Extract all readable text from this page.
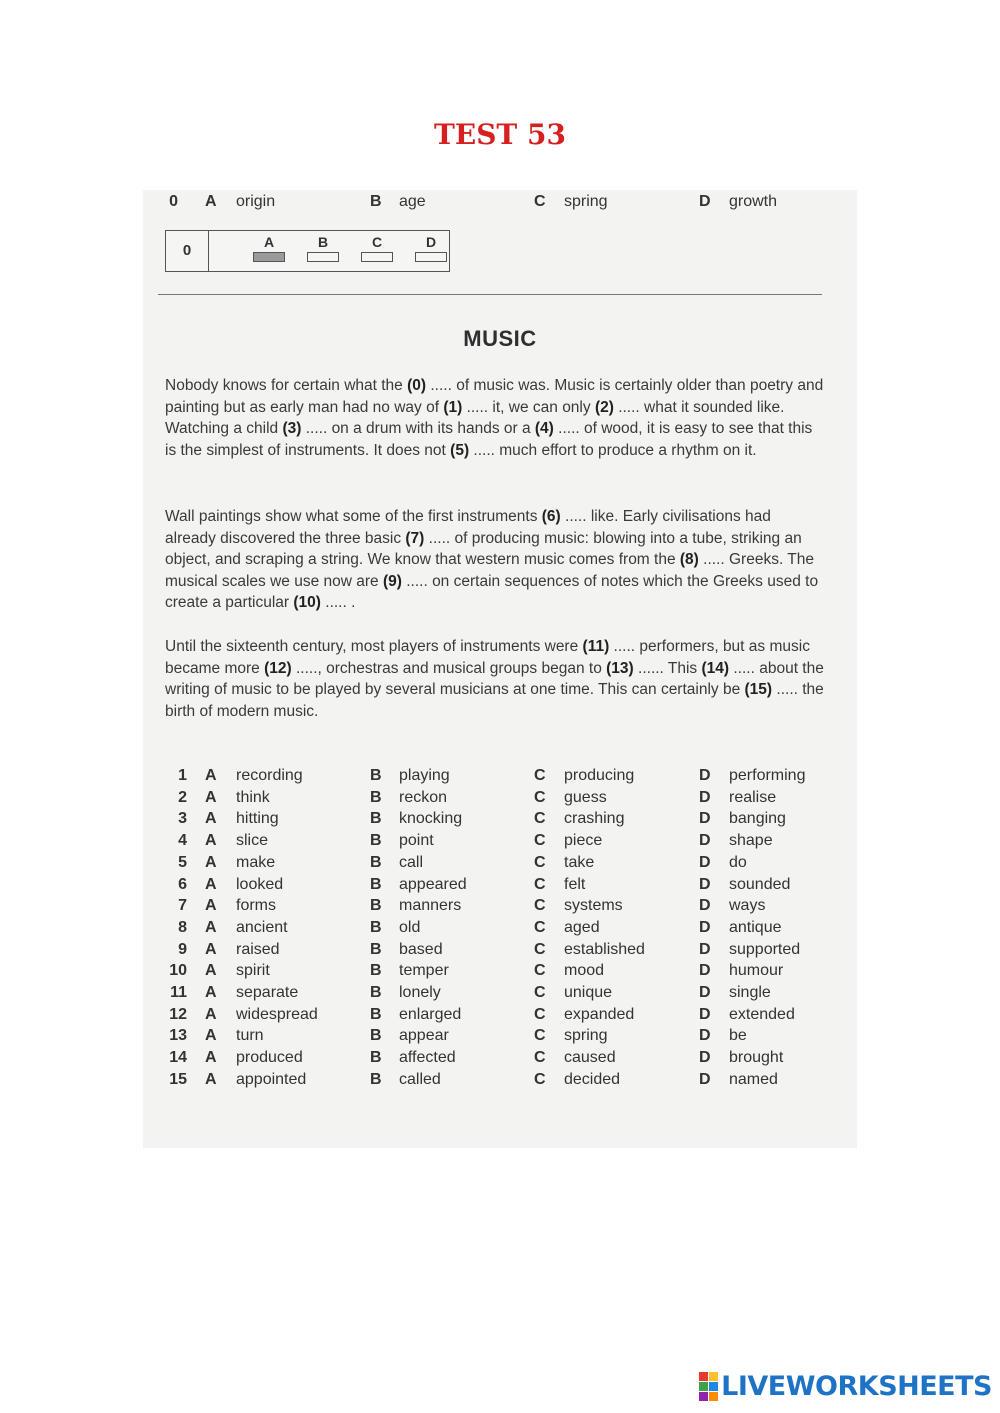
TEST 53
0 A origin	B age	C spring	D growth
0	A	B	C	D
MUSIC
Nobody knows for certain what the (0) ..... of music was. Music is certainly older than poetry and painting but as early man had no way of (1) ..... it, we can only (2) ..... what it sounded like. Watching a child (3) ..... on a drum with its hands or a (4) ..... of wood, it is easy to see that this is the simplest of instruments. It does not (5) ..... much effort to produce a rhythm on it.
Wall paintings show what some of the first instruments (6) ..... like. Early civilisations had already discovered the three basic (7) ..... of producing music: blowing into a tube, striking an object, and scraping a string. We know that western music comes from the (8) ..... Greeks. The musical scales we use now are (9) ..... on certain sequences of notes which the Greeks used to create a particular (10) ..... .
Until the sixteenth century, most players of instruments were (11) ..... performers, but as music became more (12) ....., orchestras and musical groups began to (13) ...... This (14) ..... about the writing of music to be played by several musicians at one time. This can certainly be (15) ..... the birth of modern music.
1 A recording	B playing	C producing	D performing
2 A think	B reckon	C guess	D realise
3 A hitting	B knocking	C crashing	D banging
4 A slice	B point	C piece	D shape
5 A make	B call	C take	D do
6 A looked	B appeared	C felt	D sounded
7 A forms	B manners	C systems	D ways
8 A ancient	B old	C aged	D antique
9 A raised	B based	C established	D supported
10 A spirit	B temper	C mood	D humour
11 A separate	B lonely	C unique	D single
12 A widespread	B enlarged	C expanded	D extended
13 A turn	B appear	C spring	D be
14 A produced	B affected	C caused	D brought
15 A appointed	B called	C decided	D named
LIVEWORKSHEETS
